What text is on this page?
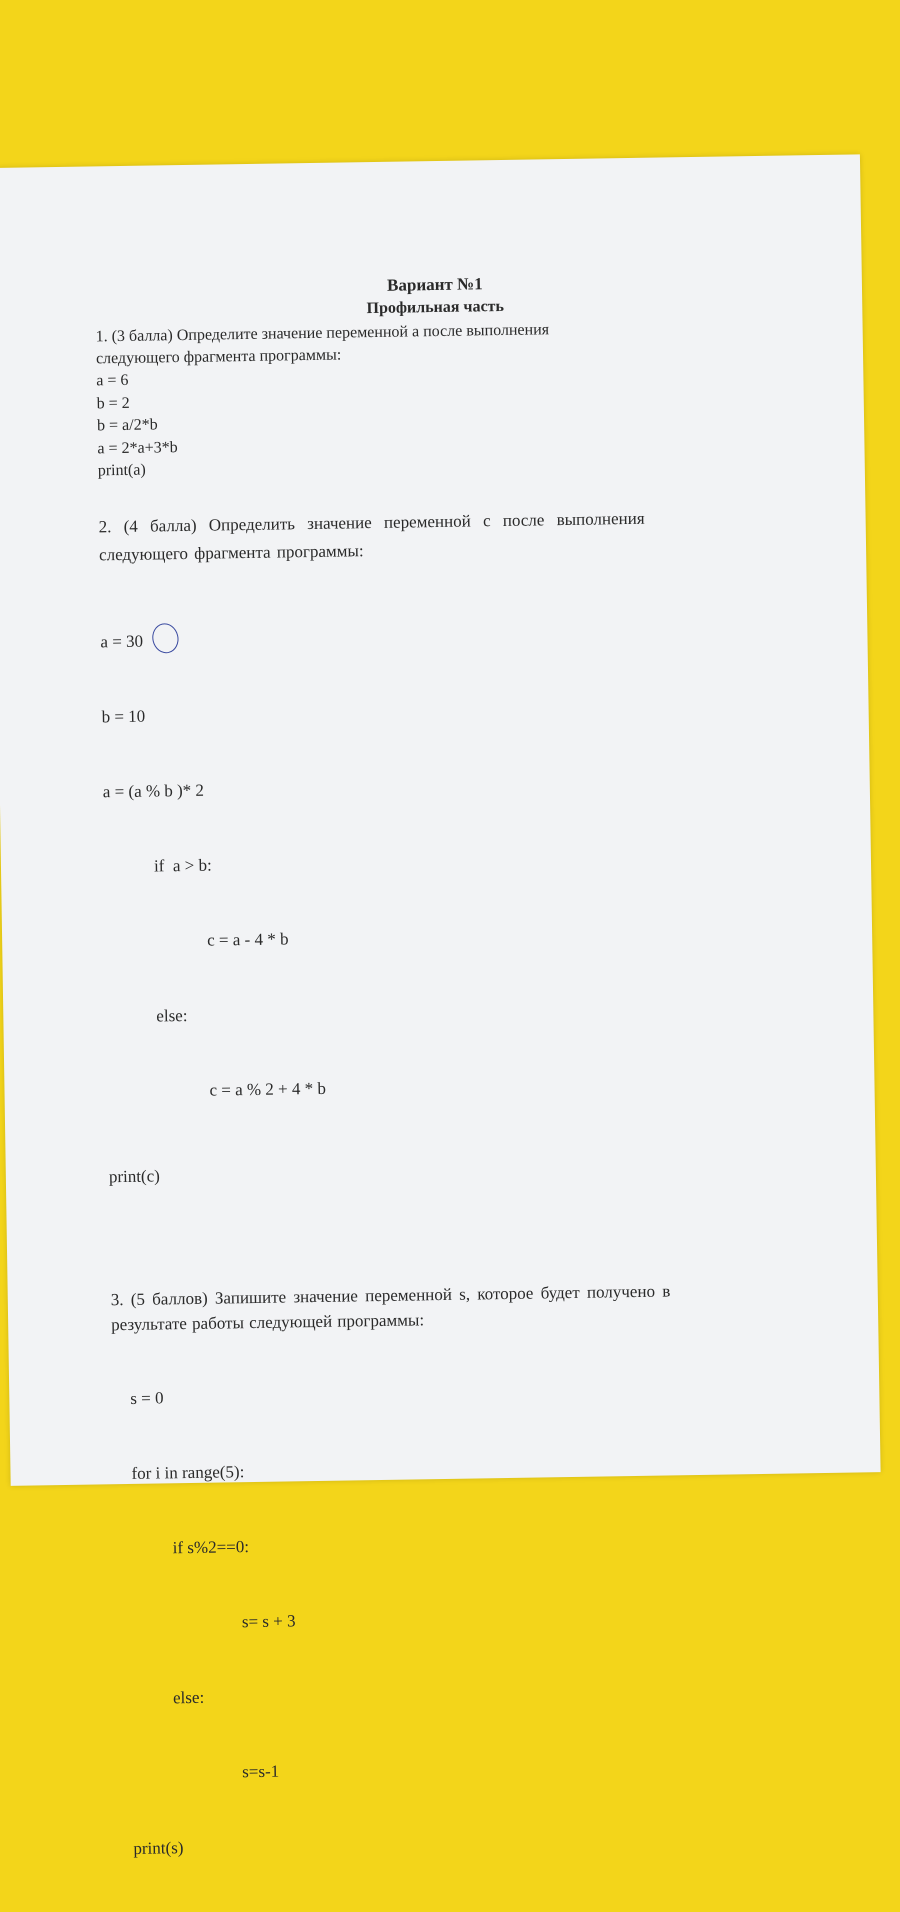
Вариант №1

Профильная часть

1. (3 балла) Определите значение переменной a после выполнения

следующего фрагмента программы:

a = 6

b = 2

b = a/2*b

a = 2*a+3*b

print(a)

2. (4 балла) Определить значение переменной с после выполнения

следующего фрагмента программы:

a = 30

b = 10

a = (a % b )* 2

if  a > b:

c = a - 4 * b

else:

c = a % 2 + 4 * b

print(c)

3. (5 баллов) Запишите значение переменной s, которое будет получено в

результате работы следующей программы:

s = 0

for i in range(5):

if s%2==0:

s= s + 3

else:

s=s-1

print(s)
